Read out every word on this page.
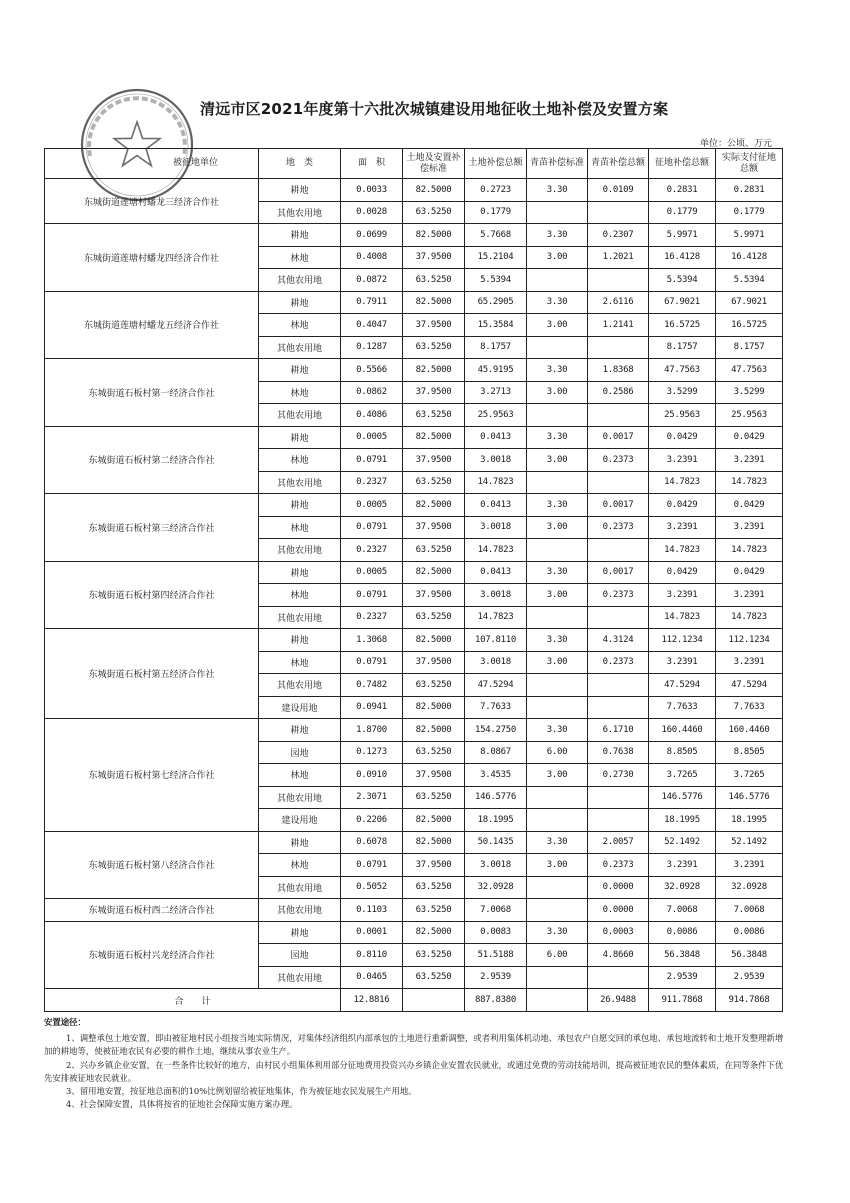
清远市区2021年度第十六批次城镇建设用地征收土地补偿及安置方案
单位：公顷、万元
被征地单位	地　类	面　积	土地及安置补偿标准	土地补偿总额	青苗补偿标准	青苗补偿总额	征地补偿总额	实际支付征地总额
东城街道莲塘村蟠龙三经济合作社	耕地	0.0033	82.5000	0.2723	3.30	0.0109	0.2831	0.2831
	其他农用地	0.0028	63.5250	0.1779			0.1779	0.1779
东城街道莲塘村蟠龙四经济合作社	耕地	0.0699	82.5000	5.7668	3.30	0.2307	5.9971	5.9971
	林地	0.4008	37.9500	15.2104	3.00	1.2021	16.4128	16.4128
	其他农用地	0.0872	63.5250	5.5394			5.5394	5.5394
东城街道莲塘村蟠龙五经济合作社	耕地	0.7911	82.5000	65.2905	3.30	2.6116	67.9021	67.9021
	林地	0.4047	37.9500	15.3584	3.00	1.2141	16.5725	16.5725
	其他农用地	0.1287	63.5250	8.1757			8.1757	8.1757
东城街道石板村第一经济合作社	耕地	0.5566	82.5000	45.9195	3.30	1.8368	47.7563	47.7563
	林地	0.0862	37.9500	3.2713	3.00	0.2586	3.5299	3.5299
	其他农用地	0.4086	63.5250	25.9563			25.9563	25.9563
东城街道石板村第二经济合作社	耕地	0.0005	82.5000	0.0413	3.30	0.0017	0.0429	0.0429
	林地	0.0791	37.9500	3.0018	3.00	0.2373	3.2391	3.2391
	其他农用地	0.2327	63.5250	14.7823			14.7823	14.7823
东城街道石板村第三经济合作社	耕地	0.0005	82.5000	0.0413	3.30	0.0017	0.0429	0.0429
	林地	0.0791	37.9500	3.0018	3.00	0.2373	3.2391	3.2391
	其他农用地	0.2327	63.5250	14.7823			14.7823	14.7823
东城街道石板村第四经济合作社	耕地	0.0005	82.5000	0.0413	3.30	0.0017	0.0429	0.0429
	林地	0.0791	37.9500	3.0018	3.00	0.2373	3.2391	3.2391
	其他农用地	0.2327	63.5250	14.7823			14.7823	14.7823
东城街道石板村第五经济合作社	耕地	1.3068	82.5000	107.8110	3.30	4.3124	112.1234	112.1234
	林地	0.0791	37.9500	3.0018	3.00	0.2373	3.2391	3.2391
	其他农用地	0.7482	63.5250	47.5294			47.5294	47.5294
	建设用地	0.0941	82.5000	7.7633			7.7633	7.7633
东城街道石板村第七经济合作社	耕地	1.8700	82.5000	154.2750	3.30	6.1710	160.4460	160.4460
	园地	0.1273	63.5250	8.0867	6.00	0.7638	8.8505	8.8505
	林地	0.0910	37.9500	3.4535	3.00	0.2730	3.7265	3.7265
	其他农用地	2.3071	63.5250	146.5776			146.5776	146.5776
	建设用地	0.2206	82.5000	18.1995			18.1995	18.1995
东城街道石板村第八经济合作社	耕地	0.6078	82.5000	50.1435	3.30	2.0057	52.1492	52.1492
	林地	0.0791	37.9500	3.0018	3.00	0.2373	3.2391	3.2391
	其他农用地	0.5052	63.5250	32.0928		0.0000	32.0928	32.0928
东城街道石板村西二经济合作社	其他农用地	0.1103	63.5250	7.0068		0.0000	7.0068	7.0068
东城街道石板村兴龙经济合作社	耕地	0.0001	82.5000	0.0083	3.30	0.0003	0.0086	0.0086
	园地	0.8110	63.5250	51.5188	6.00	4.8660	56.3848	56.3848
	其他农用地	0.0465	63.5250	2.9539			2.9539	2.9539
合　　计		12.8816		887.8380		26.9488	911.7868	914.7868

安置途径：

1、调整承包土地安置，即由被征地村民小组按当地实际情况，对集体经济组织内部承包的土地进行重新调整，或者利用集体机动地、承包农户自愿交回的承包地、承包地流转和土地开发整理新增加的耕地等，使被征地农民有必要的耕作土地，继续从事农业生产。

2、兴办乡镇企业安置，在一些条件比较好的地方，由村民小组集体利用部分征地费用投资兴办乡镇企业安置农民就业，或通过免费的劳动技能培训，提高被征地农民的整体素质，在同等条件下优先安排被征地农民就业。

3、留用地安置，按征地总面积的10%比例划留给被征地集体，作为被征地农民发展生产用地。

4、社会保障安置，具体将按省的征地社会保障实施方案办理。
